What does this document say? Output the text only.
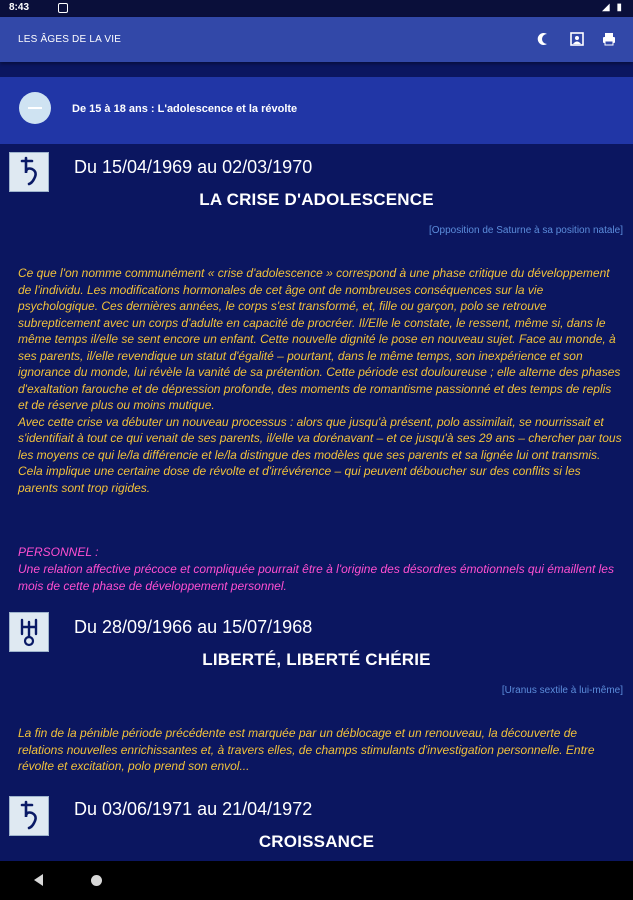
8:43	◢ ▮
LES ÂGES DE LA VIE
De 15 à 18 ans : L'adolescence et la révolte
Du 15/04/1969 au 02/03/1970
LA CRISE D'ADOLESCENCE
[Opposition de Saturne à sa position natale]
Ce que l'on nomme communément « crise d'adolescence » correspond à une phase critique du développement de l'individu. Les modifications hormonales de cet âge ont de nombreuses conséquences sur la vie psychologique. Ces dernières années, le corps s'est transformé, et, fille ou garçon, polo se retrouve subrepticement avec un corps d'adulte en capacité de procréer. Il/Elle le constate, le ressent, même si, dans le même temps il/elle se sent encore un enfant. Cette nouvelle dignité le pose en nouveau sujet. Face au monde, à ses parents, il/elle revendique un statut d'égalité – pourtant, dans le même temps, son inexpérience et son ignorance du monde, lui révèle la vanité de sa prétention. Cette période est douloureuse ; elle alterne des phases d'exaltation farouche et de dépression profonde, des moments de romantisme passionné et des temps de replis et de réserve plus ou moins mutique.
Avec cette crise va débuter un nouveau processus : alors que jusqu'à présent, polo assimilait, se nourrissait et s'identifiait à tout ce qui venait de ses parents, il/elle va dorénavant – et ce jusqu'à ses 29 ans – chercher par tous les moyens ce qui le/la différencie et le/la distingue des modèles que ses parents et sa lignée lui ont transmis. Cela implique une certaine dose de révolte et d'irrévérence – qui peuvent déboucher sur des conflits si les parents sont trop rigides.
PERSONNEL :
Une relation affective précoce et compliquée pourrait être à l'origine des désordres émotionnels qui émaillent les mois de cette phase de développement personnel.
Du 28/09/1966 au 15/07/1968
LIBERTÉ, LIBERTÉ CHÉRIE
[Uranus sextile à lui-même]
La fin de la pénible période précédente est marquée par un déblocage et un renouveau, la découverte de relations nouvelles enrichissantes et, à travers elles, de champs stimulants d'investigation personnelle. Entre révolte et excitation, polo prend son envol...
Du 03/06/1971 au 21/04/1972
CROISSANCE
